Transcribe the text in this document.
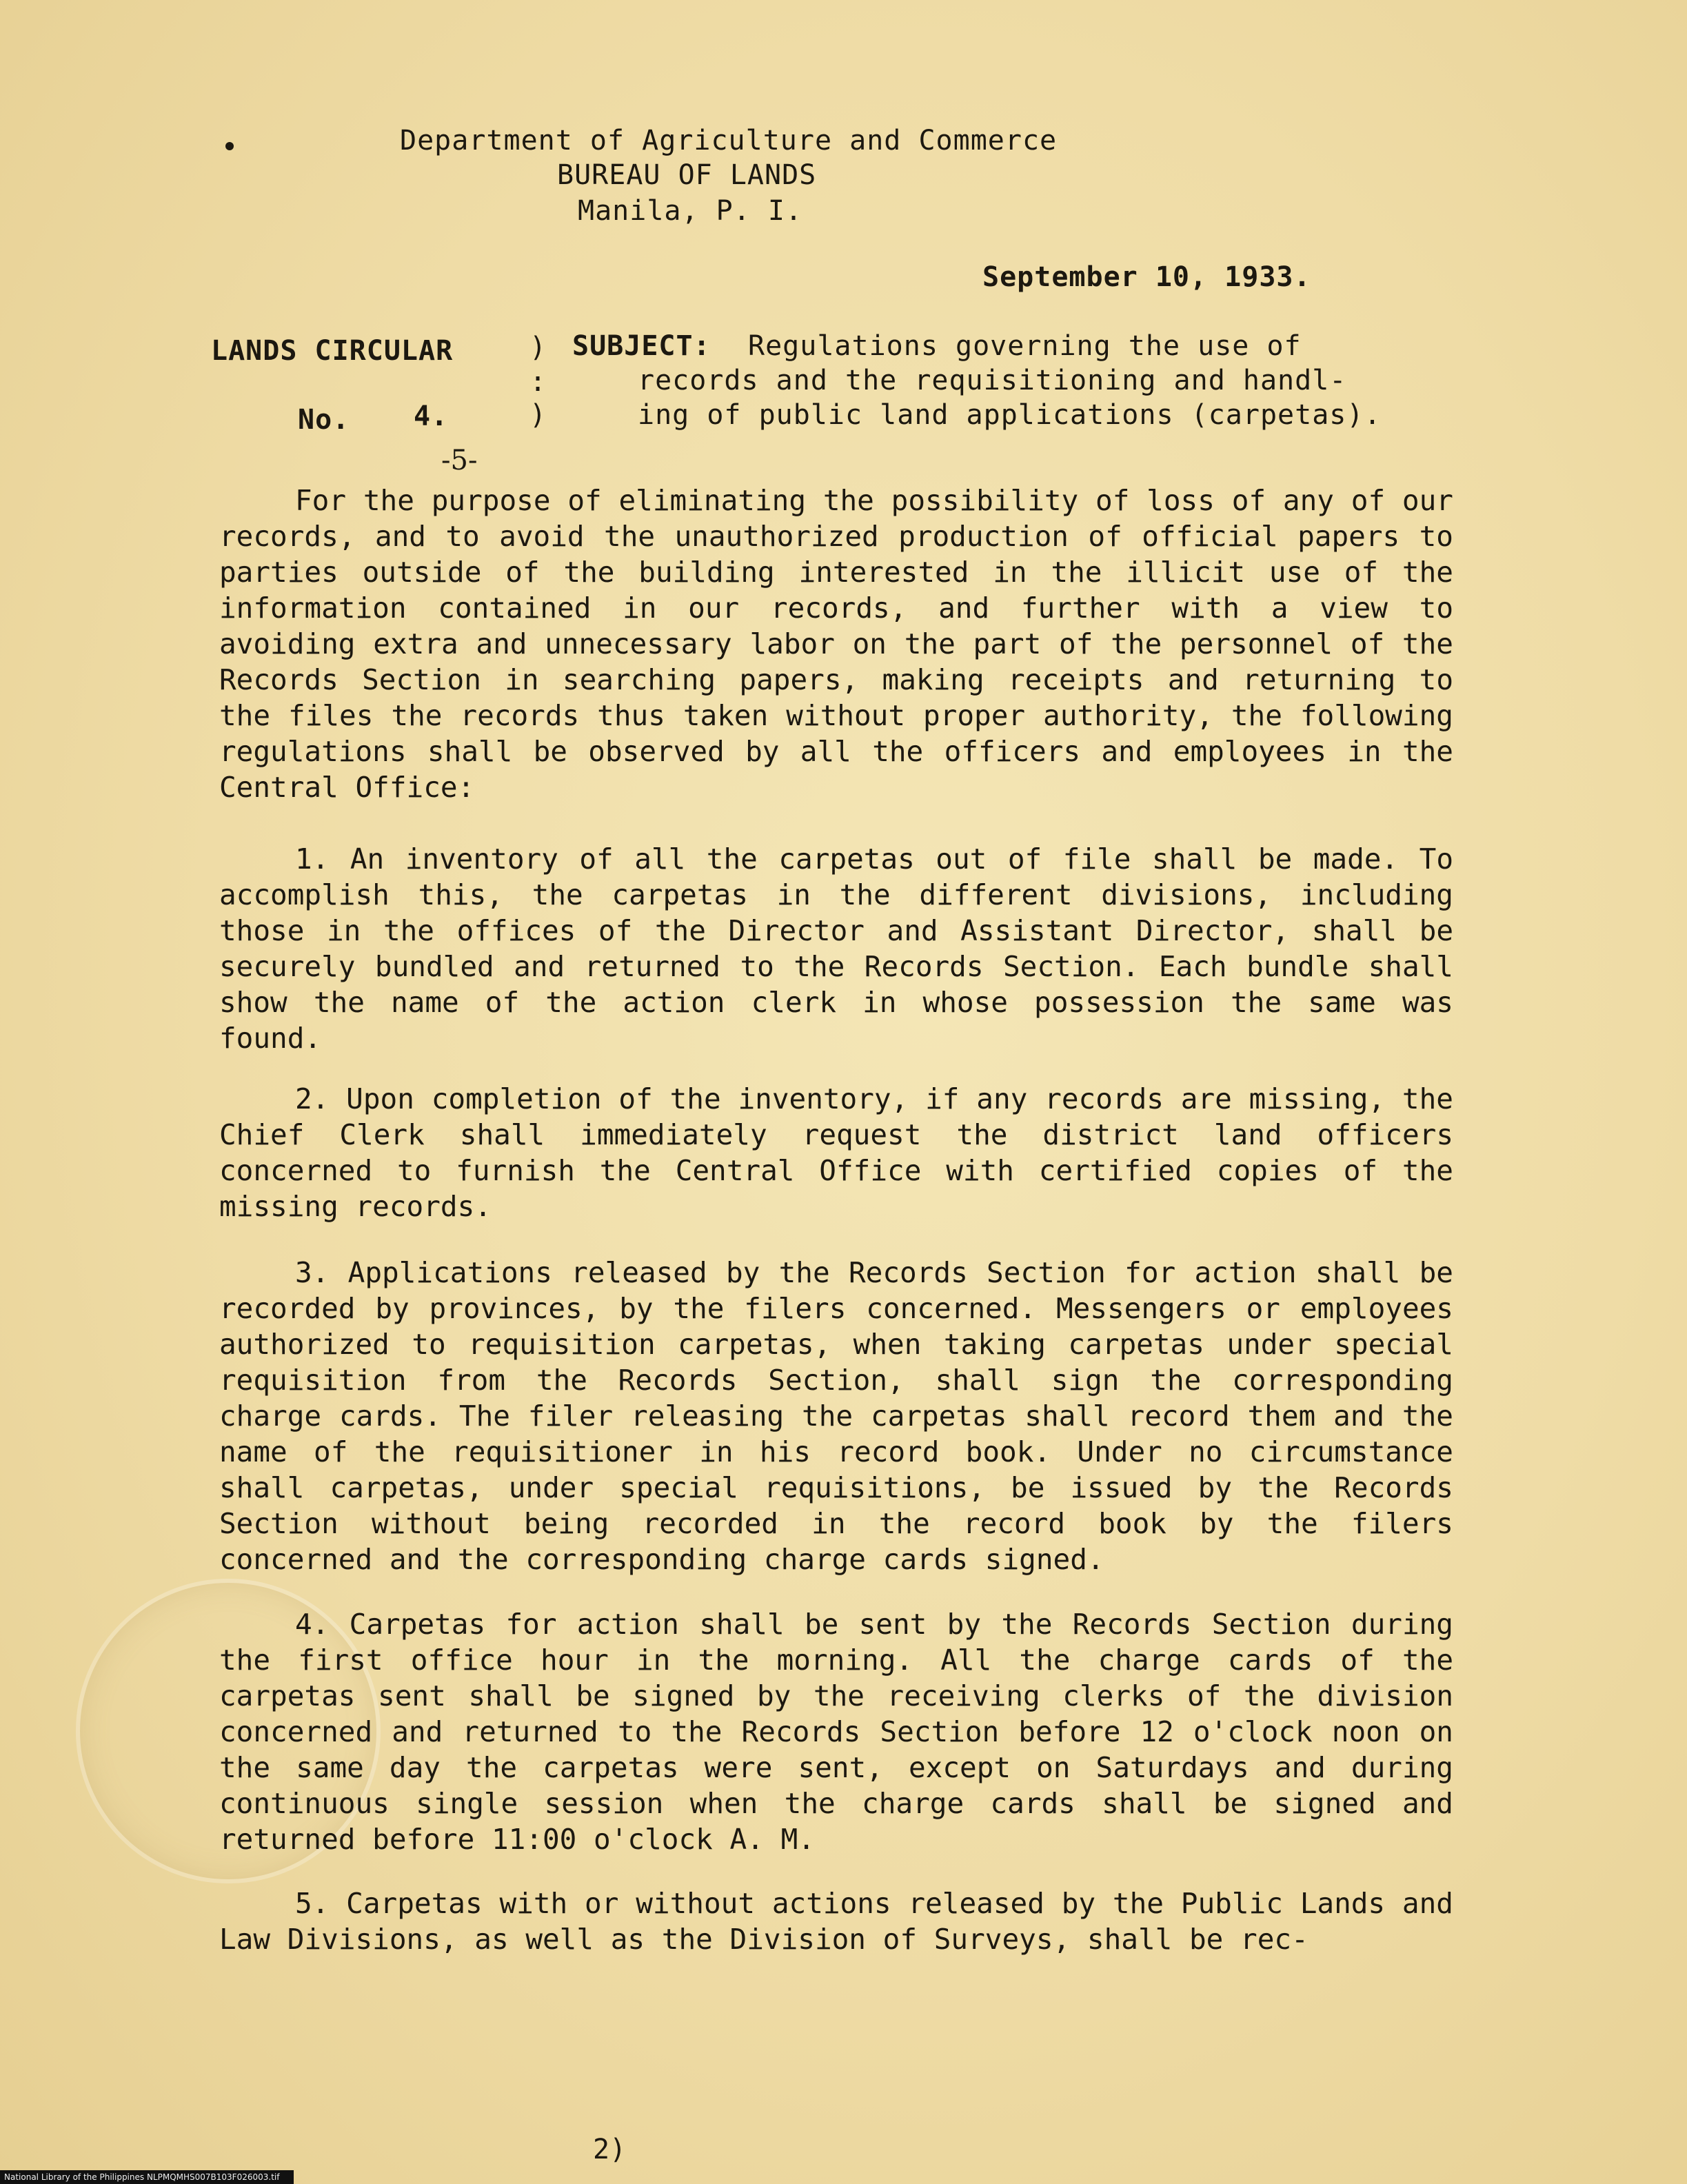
Department of Agriculture and Commerce
BUREAU OF LANDS
Manila, P. I.
September 10, 1933.
LANDS CIRCULAR	)
:
)
No. 4.
-5-
SUBJECT: Regulations governing the use of
records and the requisitioning and handl-
ing of public land applications (carpetas).
For the purpose of eliminating the possibility of loss of any of our records, and to avoid the unauthorized production of official papers to parties outside of the building interested in the illicit use of the information contained in our records, and further with a view to avoiding extra and unnecessary labor on the part of the personnel of the Records Section in searching papers, making receipts and returning to the files the records thus taken without proper authority, the following regulations shall be observed by all the officers and employees in the Central Office:
1. An inventory of all the carpetas out of file shall be made. To accomplish this, the carpetas in the different divisions, including those in the offices of the Director and Assistant Director, shall be securely bundled and returned to the Records Section. Each bundle shall show the name of the action clerk in whose possession the same was found.
2. Upon completion of the inventory, if any records are missing, the Chief Clerk shall immediately request the district land officers concerned to furnish the Central Office with certified copies of the missing records.
3. Applications released by the Records Section for action shall be recorded by provinces, by the filers concerned. Messengers or employees authorized to requisition carpetas, when taking carpetas under special requisition from the Records Section, shall sign the corresponding charge cards. The filer releasing the carpetas shall record them and the name of the requisitioner in his record book. Under no circumstance shall carpetas, under special requisitions, be issued by the Records Section without being recorded in the record book by the filers concerned and the corresponding charge cards signed.
4. Carpetas for action shall be sent by the Records Section during the first office hour in the morning. All the charge cards of the carpetas sent shall be signed by the receiving clerks of the division concerned and returned to the Records Section before 12 o'clock noon on the same day the carpetas were sent, except on Saturdays and during continuous single session when the charge cards shall be signed and returned before 11:00 o'clock A. M.
5. Carpetas with or without actions released by the Public Lands and Law Divisions, as well as the Division of Surveys, shall be rec-
2)
National Library of the Philippines NLPMQMHS007B103F026003.tif
